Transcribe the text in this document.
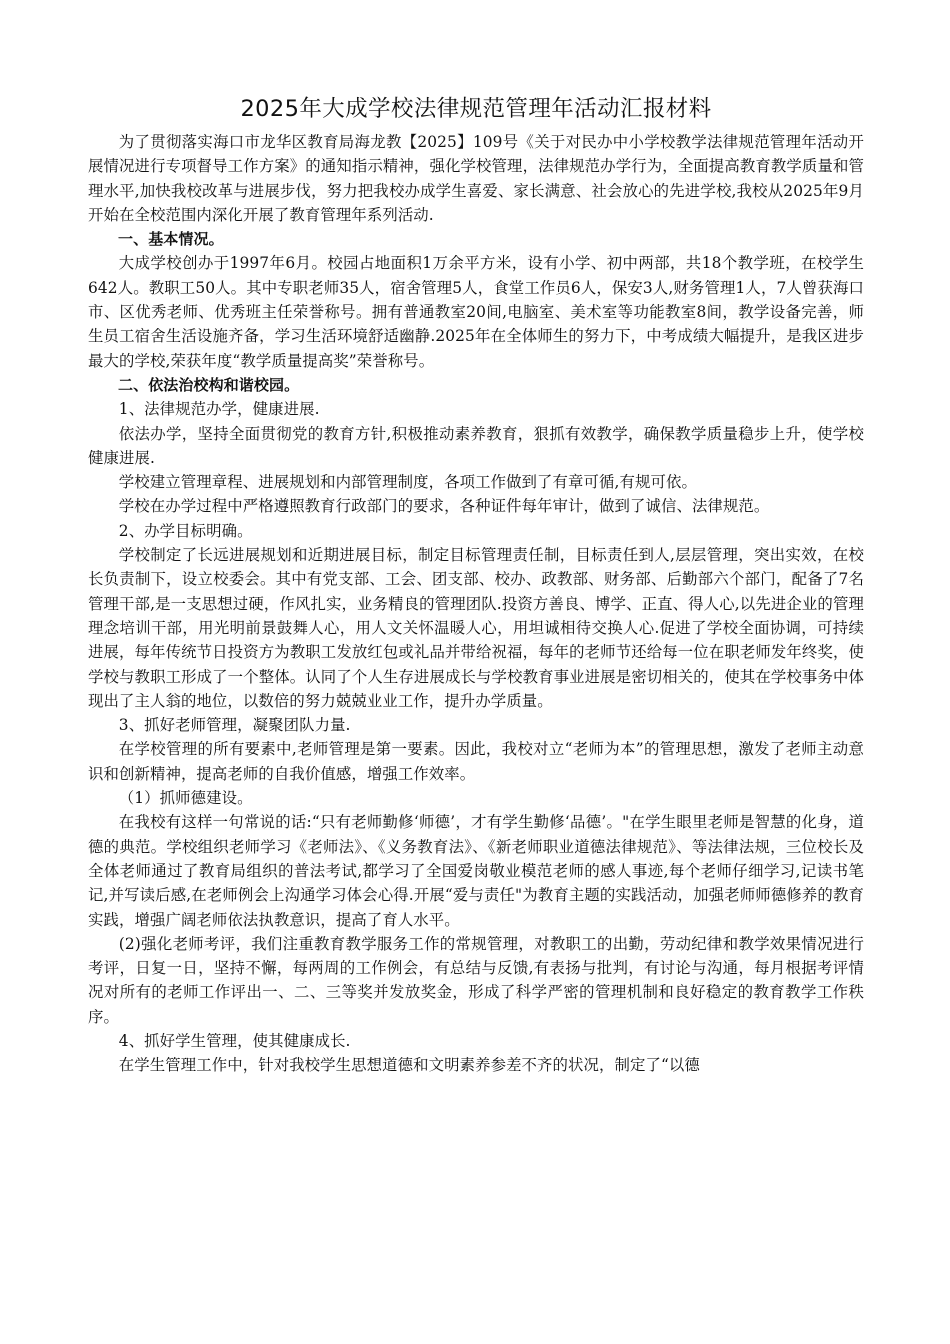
2025年大成学校法律规范管理年活动汇报材料

为了贯彻落实海口市龙华区教育局海龙教【2025】109号《关于对民办中小学校教学法律规范管理年活动开展情况进行专项督导工作方案》的通知指示精神，强化学校管理，法律规范办学行为，全面提高教育教学质量和管理水平,加快我校改革与进展步伐，努力把我校办成学生喜爱、家长满意、社会放心的先进学校,我校从2025年9月开始在全校范围内深化开展了教育管理年系列活动.

一、基本情况。

大成学校创办于1997年6月。校园占地面积1万余平方米，设有小学、初中两部，共18个教学班，在校学生642人。教职工50人。其中专职老师35人，宿舍管理5人，食堂工作员6人，保安3人,财务管理1人，7人曾获海口市、区优秀老师、优秀班主任荣誉称号。拥有普通教室20间,电脑室、美术室等功能教室8间，教学设备完善，师生员工宿舍生活设施齐备，学习生活环境舒适幽静.2025年在全体师生的努力下，中考成绩大幅提升，是我区进步最大的学校,荣获年度“教学质量提高奖”荣誉称号。

二、依法治校构和谐校园。

1、法律规范办学，健康进展.

依法办学，坚持全面贯彻党的教育方针,积极推动素养教育，狠抓有效教学，确保教学质量稳步上升，使学校健康进展.

学校建立管理章程、进展规划和内部管理制度，各项工作做到了有章可循,有规可依。

学校在办学过程中严格遵照教育行政部门的要求，各种证件每年审计，做到了诚信、法律规范。

2、办学目标明确。

学校制定了长远进展规划和近期进展目标，制定目标管理责任制，目标责任到人,层层管理，突出实效，在校长负责制下，设立校委会。其中有党支部、工会、团支部、校办、政教部、财务部、后勤部六个部门，配备了7名管理干部,是一支思想过硬，作风扎实，业务精良的管理团队.投资方善良、博学、正直、得人心,以先进企业的管理理念培训干部，用光明前景鼓舞人心，用人文关怀温暖人心，用坦诚相待交换人心.促进了学校全面协调，可持续进展，每年传统节日投资方为教职工发放红包或礼品并带给祝福，每年的老师节还给每一位在职老师发年终奖，使学校与教职工形成了一个整体。认同了个人生存进展成长与学校教育事业进展是密切相关的，使其在学校事务中体现出了主人翁的地位，以数倍的努力兢兢业业工作，提升办学质量。

3、抓好老师管理，凝聚团队力量.

在学校管理的所有要素中,老师管理是第一要素。因此，我校对立“老师为本”的管理思想，激发了老师主动意识和创新精神，提高老师的自我价值感，增强工作效率。

（1）抓师德建设。

在我校有这样一句常说的话:“只有老师勤修‘师德’，才有学生勤修‘品德’。"在学生眼里老师是智慧的化身，道德的典范。学校组织老师学习《老师法》、《义务教育法》、《新老师职业道德法律规范》、等法律法规，三位校长及全体老师通过了教育局组织的普法考试,都学习了全国爱岗敬业模范老师的感人事迹,每个老师仔细学习,记读书笔记,并写读后感,在老师例会上沟通学习体会心得.开展“爱与责任"为教育主题的实践活动，加强老师师德修养的教育实践，增强广阔老师依法执教意识，提高了育人水平。

(2)强化老师考评，我们注重教育教学服务工作的常规管理，对教职工的出勤，劳动纪律和教学效果情况进行考评，日复一日，坚持不懈，每两周的工作例会，有总结与反馈,有表扬与批判，有讨论与沟通，每月根据考评情况对所有的老师工作评出一、二、三等奖并发放奖金，形成了科学严密的管理机制和良好稳定的教育教学工作秩序。

4、抓好学生管理，使其健康成长.

在学生管理工作中，针对我校学生思想道德和文明素养参差不齐的状况，制定了“以德
